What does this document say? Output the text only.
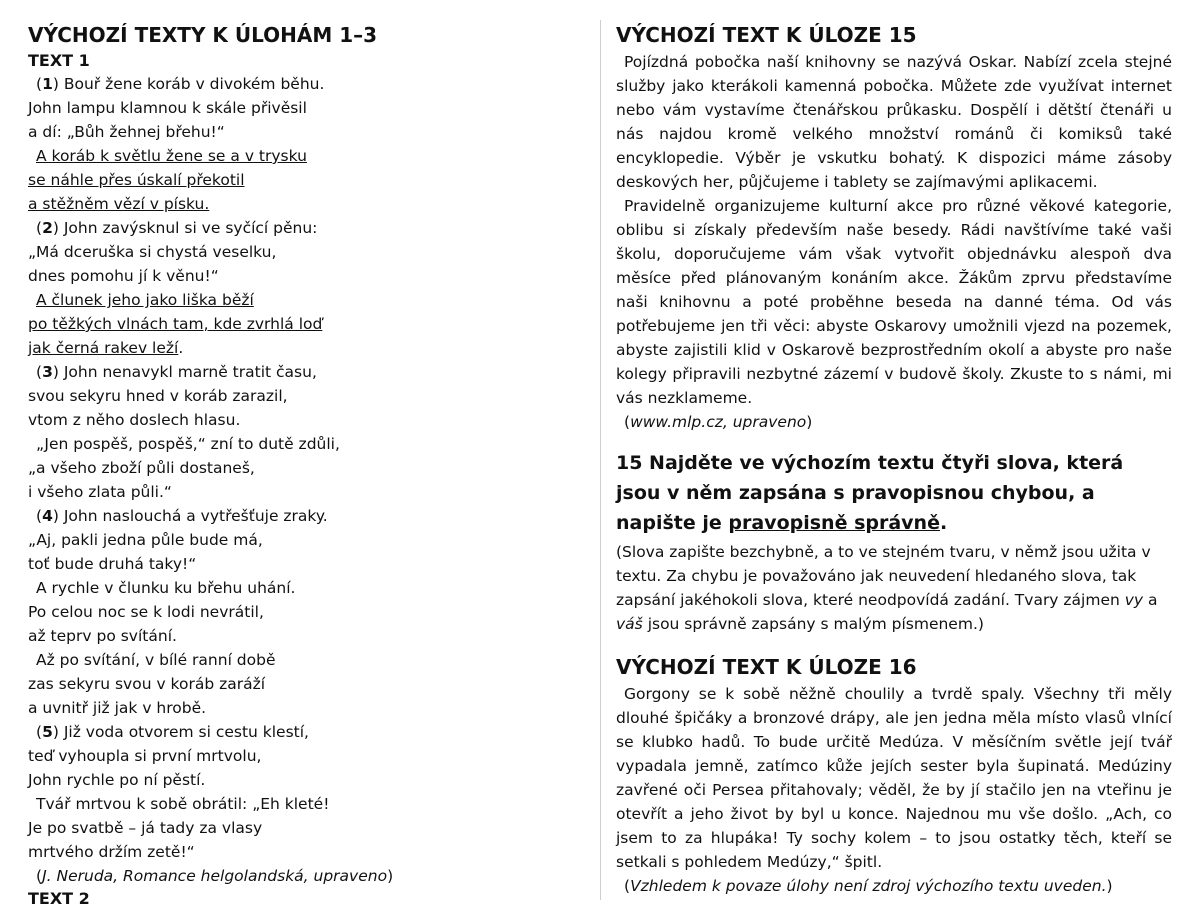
VÝCHOZÍ TEXTY K ÚLOHÁM 1–3
TEXT 1
(1) Bouř žene koráb v divokém běhu.
John lampu klamnou k skále přivěsil
a dí: „Bůh žehnej břehu!“
A koráb k světlu žene se a v trysku
se náhle přes úskalí překotil
a stěžněm vězí v písku.
(2) John zavýsknul si ve syčící pěnu:
„Má dceruška si chystá veselku,
dnes pomohu jí k věnu!“
A člunek jeho jako liška běží
po těžkých vlnách tam, kde zvrhlá loď
jak černá rakev leží.
(3) John nenavykl marně tratit času,
svou sekyru hned v koráb zarazil,
vtom z něho doslech hlasu.
„Jen pospěš, pospěš,“ zní to dutě zdůli,
„a všeho zboží půli dostaneš,
i všeho zlata půli.“
(4) John naslouchá a vytřešťuje zraky.
„Aj, pakli jedna půle bude má,
toť bude druhá taky!“
A rychle v člunku ku břehu uhání.
Po celou noc se k lodi nevrátil,
až teprv po svítání.
Až po svítání, v bílé ranní době
zas sekyru svou v koráb zaráží
a uvnitř již jak v hrobě.
(5) Již voda otvorem si cestu klestí,
teď vyhoupla si první mrtvolu,
John rychle po ní pěstí.
Tvář mrtvou k sobě obrátil: „Eh kleté!
Je po svatbě – já tady za vlasy
mrtvého držím zetě!“
(J. Neruda, Romance helgolandská, upraveno)
TEXT 2
VÝCHOZÍ TEXT K ÚLOZE 15

Pojízdná pobočka naší knihovny se nazývá Oskar. Nabízí zcela stejné služby jako kterákoli kamenná pobočka. Můžete zde využívat internet nebo vám vystavíme čtenářskou průkasku. Dospělí i dětští čtenáři u nás najdou kromě velkého množství románů či komiksů také encyklopedie. Výběr je vskutku bohatý. K dispozici máme zásoby deskových her, půjčujeme i tablety se zajímavými aplikacemi.

Pravidelně organizujeme kulturní akce pro různé věkové kategorie, oblibu si získaly především naše besedy. Rádi navštívíme také vaši školu, doporučujeme vám však vytvořit objednávku alespoň dva měsíce před plánovaným konáním akce. Žákům zprvu představíme naši knihovnu a poté proběhne beseda na danné téma. Od vás potřebujeme jen tři věci: abyste Oskarovy umožnili vjezd na pozemek, abyste zajistili klid v Oskarově bezprostředním okolí a abyste pro naše kolegy připravili nezbytné zázemí v budově školy. Zkuste to s námi, mi vás nezklameme.

(www.mlp.cz, upraveno)

15 Najděte ve výchozím textu čtyři slova, která jsou v něm zapsána s pravopisnou chybou, a napište je pravopisně správně.

(Slova zapište bezchybně, a to ve stejném tvaru, v němž jsou užita v textu. Za chybu je považováno jak neuvedení hledaného slova, tak zapsání jakéhokoli slova, které neodpovídá zadání. Tvary zájmen vy a váš jsou správně zapsány s malým písmenem.)

VÝCHOZÍ TEXT K ÚLOZE 16

Gorgony se k sobě něžně choulily a tvrdě spaly. Všechny tři měly dlouhé špičáky a bronzové drápy, ale jen jedna měla místo vlasů vlnící se klubko hadů. To bude určitě Medúza. V měsíčním světle její tvář vypadala jemně, zatímco kůže jejích sester byla šupinatá. Medúziny zavřené oči Persea přitahovaly; věděl, že by jí stačilo jen na vteřinu je otevřít a jeho život by byl u konce. Najednou mu vše došlo. „Ach, co jsem to za hlupáka! Ty sochy kolem – to jsou ostatky těch, kteří se setkali s pohledem Medúzy,“ špitl.

(Vzhledem k povaze úlohy není zdroj výchozího textu uveden.)
